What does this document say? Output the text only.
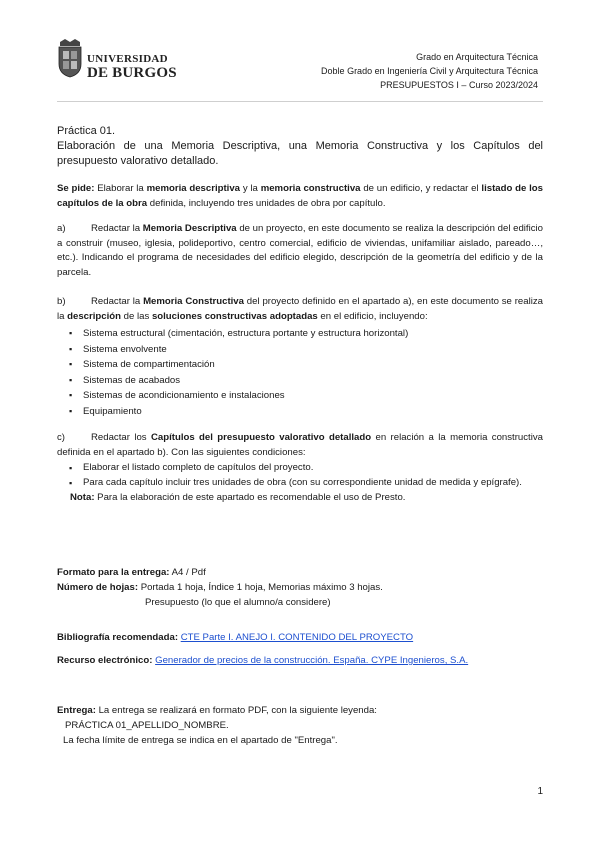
UNIVERSIDAD
DE BURGOS
Grado en Arquitectura Técnica
Doble Grado en Ingeniería Civil y Arquitectura Técnica
PRESUPUESTOS I – Curso 2023/2024
Práctica 01.
Elaboración de una Memoria Descriptiva, una Memoria Constructiva y los Capítulos del
presupuesto valorativo detallado.

Se pide: Elaborar la memoria descriptiva y la memoria constructiva de un edificio, y redactar el listado de los capítulos de la obra definida, incluyendo tres unidades de obra por capítulo.

a)	Redactar la Memoria Descriptiva de un proyecto, en este documento se realiza la descripción del edificio a construir (museo, iglesia, polideportivo, centro comercial, edificio de viviendas, unifamiliar aislado, pareado…, etc.). Indicando el programa de necesidades del edificio elegido, descripción de la geometría del edificio y de la parcela.

b)	Redactar la Memoria Constructiva del proyecto definido en el apartado a), en este documento se realiza la descripción de las soluciones constructivas adoptadas en el edificio, incluyendo:

▪ Sistema estructural (cimentación, estructura portante y estructura horizontal)
▪ Sistema envolvente
▪ Sistema de compartimentación
▪ Sistemas de acabados
▪ Sistemas de acondicionamiento e instalaciones
▪ Equipamiento

c)	Redactar los Capítulos del presupuesto valorativo detallado en relación a la memoria constructiva definida en el apartado b). Con las siguientes condiciones:

▪ Elaborar el listado completo de capítulos del proyecto.
▪ Para cada capítulo incluir tres unidades de obra (con su correspondiente unidad de medida y epígrafe).

Nota: Para la elaboración de este apartado es recomendable el uso de Presto.

Formato para la entrega: A4 / Pdf

Número de hojas: Portada 1 hoja, Índice 1 hoja, Memorias máximo 3 hojas.

Presupuesto (lo que el alumno/a considere)

Bibliografía recomendada: CTE Parte I. ANEJO I. CONTENIDO DEL PROYECTO

Recurso electrónico: Generador de precios de la construcción. España. CYPE Ingenieros, S.A.

Entrega: La entrega se realizará en formato PDF, con la siguiente leyenda:

PRÁCTICA 01_APELLIDO_NOMBRE.

La fecha límite de entrega se indica en el apartado de "Entrega".

1
